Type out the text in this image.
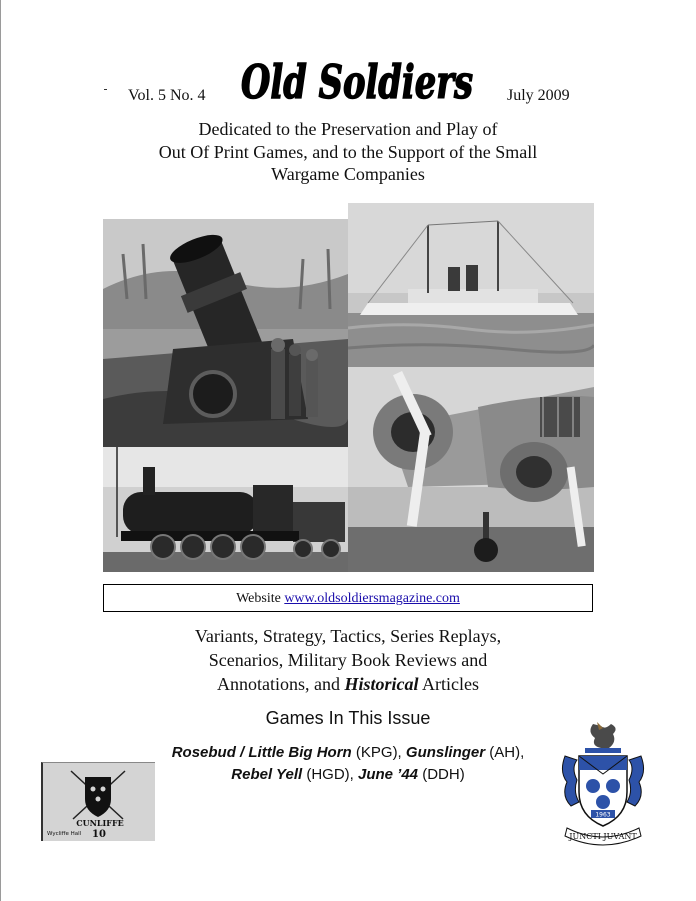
Vol. 5 No. 4	July 2009
Old Soldiers
Dedicated to the Preservation and Play of
Out Of Print Games, and to the Support of the Small
Wargame Companies
Website www.oldsoldiersmagazine.com
Variants, Strategy, Tactics, Series Replays,
Scenarios, Military Book Reviews and
Annotations, and Historical Articles
Games In This Issue
Rosebud / Little Big Horn (KPG), Gunslinger (AH),
Rebel Yell (HGD), June ’44 (DDH)
CUNLIFFE
Wycliffe Hall 10
1963
JUNCTI JUVANT
